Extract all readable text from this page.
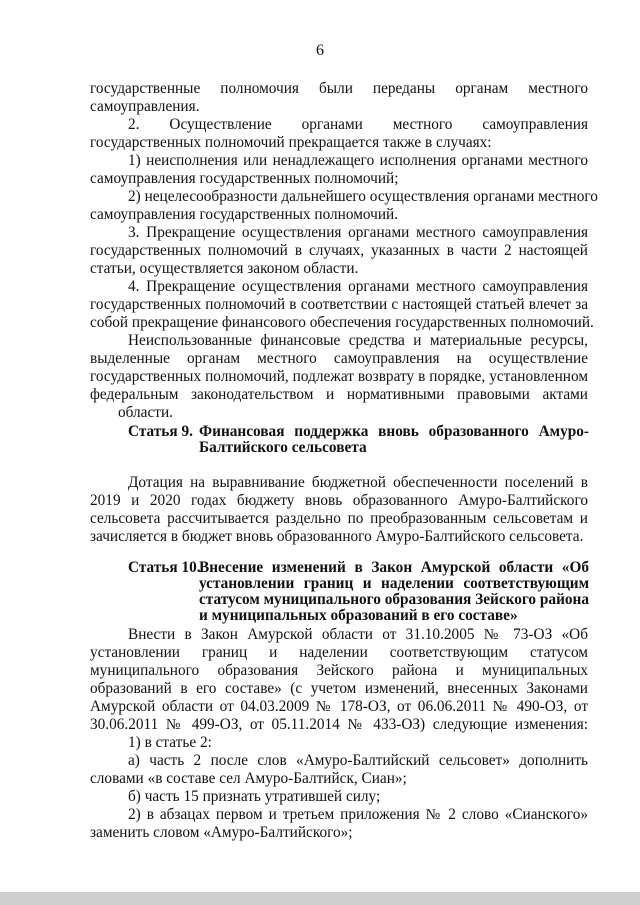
6
государственные полномочия были переданы органам местного
самоуправления.
2. Осуществление органами местного самоуправления
государственных полномочий прекращается также в случаях:
1) неисполнения или ненадлежащего исполнения органами местного
самоуправления государственных полномочий;
2) нецелесообразности дальнейшего осуществления органами местного
самоуправления государственных полномочий.
3. Прекращение осуществления органами местного самоуправления
государственных полномочий в случаях, указанных в части 2 настоящей
статьи, осуществляется законом области.
4. Прекращение осуществления органами местного самоуправления
государственных полномочий в соответствии с настоящей статьей влечет за
собой прекращение финансового обеспечения государственных полномочий.
Неиспользованные финансовые средства и материальные ресурсы,
выделенные органам местного самоуправления на осуществление
государственных полномочий, подлежат возврату в порядке, установленном
федеральным законодательством и нормативными правовыми актами
области.
Статья 9. Финансовая поддержка вновь образованного Амуро-
Балтийского сельсовета
Дотация на выравнивание бюджетной обеспеченности поселений в
2019 и 2020 годах бюджету вновь образованного Амуро-Балтийского
сельсовета рассчитывается раздельно по преобразованным сельсоветам и
зачисляется в бюджет вновь образованного Амуро-Балтийского сельсовета.
Статья 10.
Внесение изменений в Закон Амурской области «Об
установлении границ и наделении соответствующим
статусом муниципального образования Зейского района
и муниципальных образований в его составе»
Внести в Закон Амурской области от 31.10.2005 № 73-ОЗ «Об
установлении границ и наделении соответствующим статусом
муниципального образования Зейского района и муниципальных
образований в его составе» (с учетом изменений, внесенных Законами
Амурской области от 04.03.2009 № 178-ОЗ, от 06.06.2011 № 490-ОЗ, от
30.06.2011 № 499-ОЗ, от 05.11.2014 № 433-ОЗ) следующие изменения:
1) в статье 2:
а) часть 2 после слов «Амуро-Балтийский сельсовет» дополнить
словами «в составе сел Амуро-Балтийск, Сиан»;
б) часть 15 признать утратившей силу;
2) в абзацах первом и третьем приложения № 2 слово «Сианского»
заменить словом «Амуро-Балтийского»;
